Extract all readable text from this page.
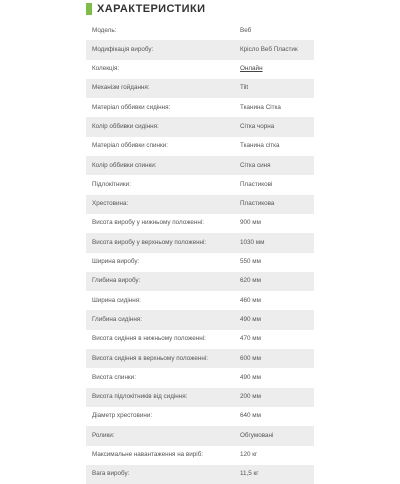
ХАРАКТЕРИСТИКИ
Модель:	Веб
Модифікація виробу:	Крісло Веб Пластик
Колекція:	Онлайн
Механізм гойдання:	Tilt
Матеріал оббивки сидіння:	Тканина Сітка
Колір оббивки сидіння:	Сітка чорна
Матеріал оббивки спинки:	Тканина сітка
Колір оббивки спинки:	Сітка синя
Підлокітники:	Пластикові
Хрестовина:	Пластикова
Висота виробу у нижньому положенні:	900 мм
Висота виробу у верхньому положенні:	1030 мм
Ширина виробу:	550 мм
Глибина виробу:	620 мм
Ширина сидіння:	460 мм
Глибина сидіння:	490 мм
Висота сидіння в нижньому положенні:	470 мм
Висота сидіння в верхньому положенні:	600 мм
Висота спинки:	490 мм
Висота підлокітників від сидіння:	200 мм
Діаметр хрестовини:	640 мм
Ролики:	Обгумовані
Максимальне навантаження на виріб:	120 кг
Вага виробу:	11,5 кг
